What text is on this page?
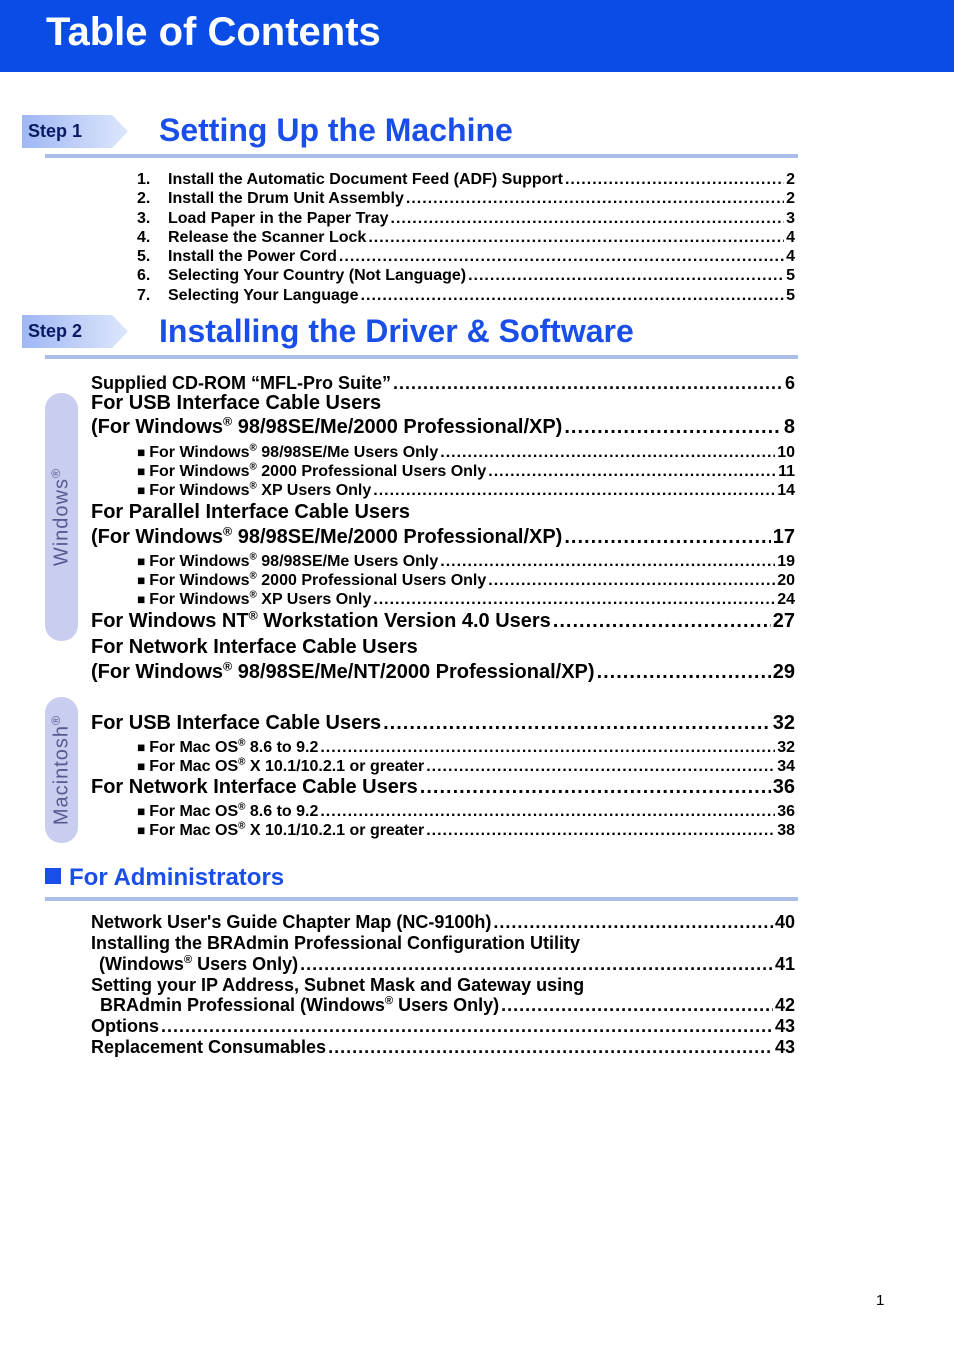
Table of Contents
Step 1 Setting Up the Machine
1. Install the Automatic Document Feed (ADF) Support .....	2
2. Install the Drum Unit Assembly .....	2
3. Load Paper in the Paper Tray .....	3
4. Release the Scanner Lock .....	4
5. Install the Power Cord .....	4
6. Selecting Your Country (Not Language) .....	5
7. Selecting Your Language .....	5
Step 2 Installing the Driver & Software
Windows®
Macintosh®
Supplied CD-ROM “MFL-Pro Suite” .....	6
For USB Interface Cable Users
(For Windows® 98/98SE/Me/2000 Professional/XP) .....	8
■ For Windows® 98/98SE/Me Users Only .....	10
■ For Windows® 2000 Professional Users Only .....	11
■ For Windows® XP Users Only .....	14
For Parallel Interface Cable Users
(For Windows® 98/98SE/Me/2000 Professional/XP) .....	17
■ For Windows® 98/98SE/Me Users Only .....	19
■ For Windows® 2000 Professional Users Only .....	20
■ For Windows® XP Users Only .....	24
For Windows NT® Workstation Version 4.0 Users .....	27
For Network Interface Cable Users
(For Windows® 98/98SE/Me/NT/2000 Professional/XP) .....	29
For USB Interface Cable Users .....	32
■ For Mac OS® 8.6 to 9.2 .....	32
■ For Mac OS® X 10.1/10.2.1 or greater .....	34
For Network Interface Cable Users .....	36
■ For Mac OS® 8.6 to 9.2 .....	36
■ For Mac OS® X 10.1/10.2.1 or greater .....	38
For Administrators
Network User's Guide Chapter Map (NC-9100h) .....	40
Installing the BRAdmin Professional Configuration Utility
(Windows® Users Only) .....	41
Setting your IP Address, Subnet Mask and Gateway using
BRAdmin Professional (Windows® Users Only) .....	42
Options .....	43
Replacement Consumables .....	43
1
